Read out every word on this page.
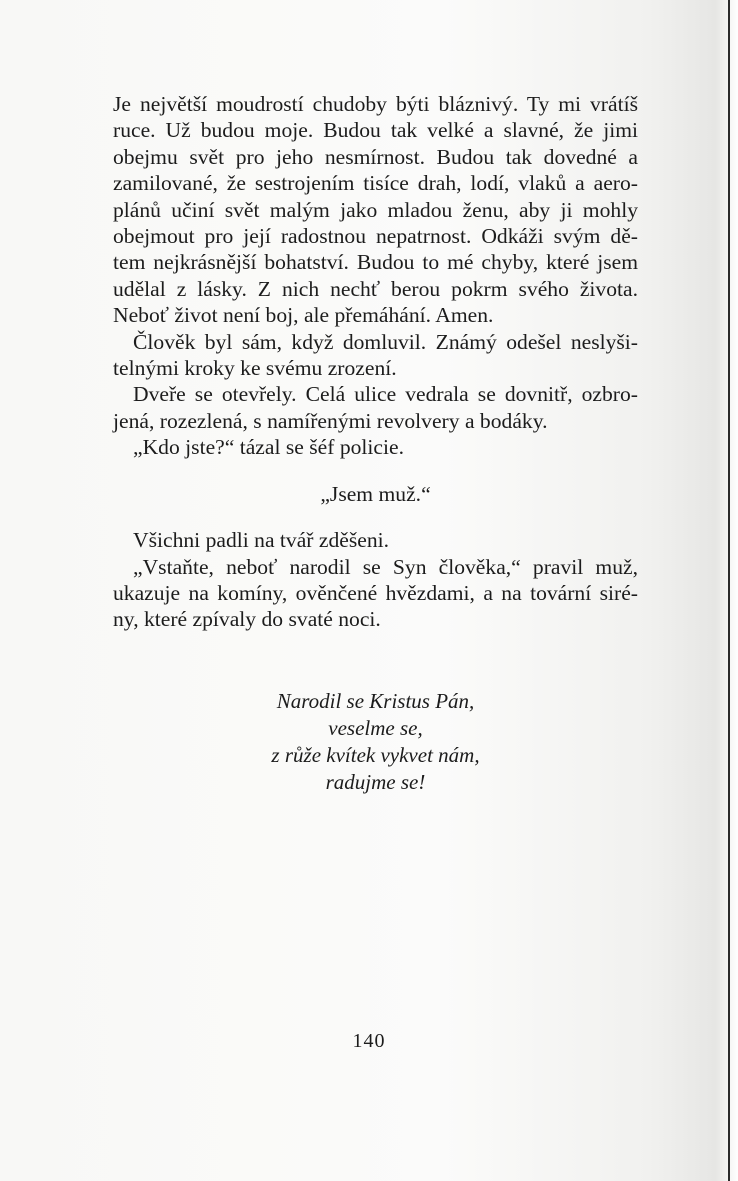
Je největší moudrostí chudoby býti bláznivý. Ty mi vrátíš
ruce. Už budou moje. Budou tak velké a slavné, že jimi
obejmu svět pro jeho nesmírnost. Budou tak dovedné a
zamilované, že sestrojením tisíce drah, lodí, vlaků a aero-
plánů učiní svět malým jako mladou ženu, aby ji mohly
obejmout pro její radostnou nepatrnost. Odkáži svým dě-
tem nejkrásnější bohatství. Budou to mé chyby, které jsem
udělal z lásky. Z nich nechť berou pokrm svého života.
Neboť život není boj, ale přemáhání. Amen.

Člověk byl sám, když domluvil. Známý odešel neslyši-
telnými kroky ke svému zrození.

Dveře se otevřely. Celá ulice vedrala se dovnitř, ozbro-
jená, rozezlená, s namířenými revolvery a bodáky.

„Kdo jste?“ tázal se šéf policie.

„Jsem muž.“

Všichni padli na tvář zděšeni.

„Vstaňte, neboť narodil se Syn člověka,“ pravil muž,
ukazuje na komíny, ověnčené hvězdami, a na tovární siré-
ny, které zpívaly do svaté noci.

Narodil se Kristus Pán,
veselme se,
z růže kvítek vykvet nám,
radujme se!
140
